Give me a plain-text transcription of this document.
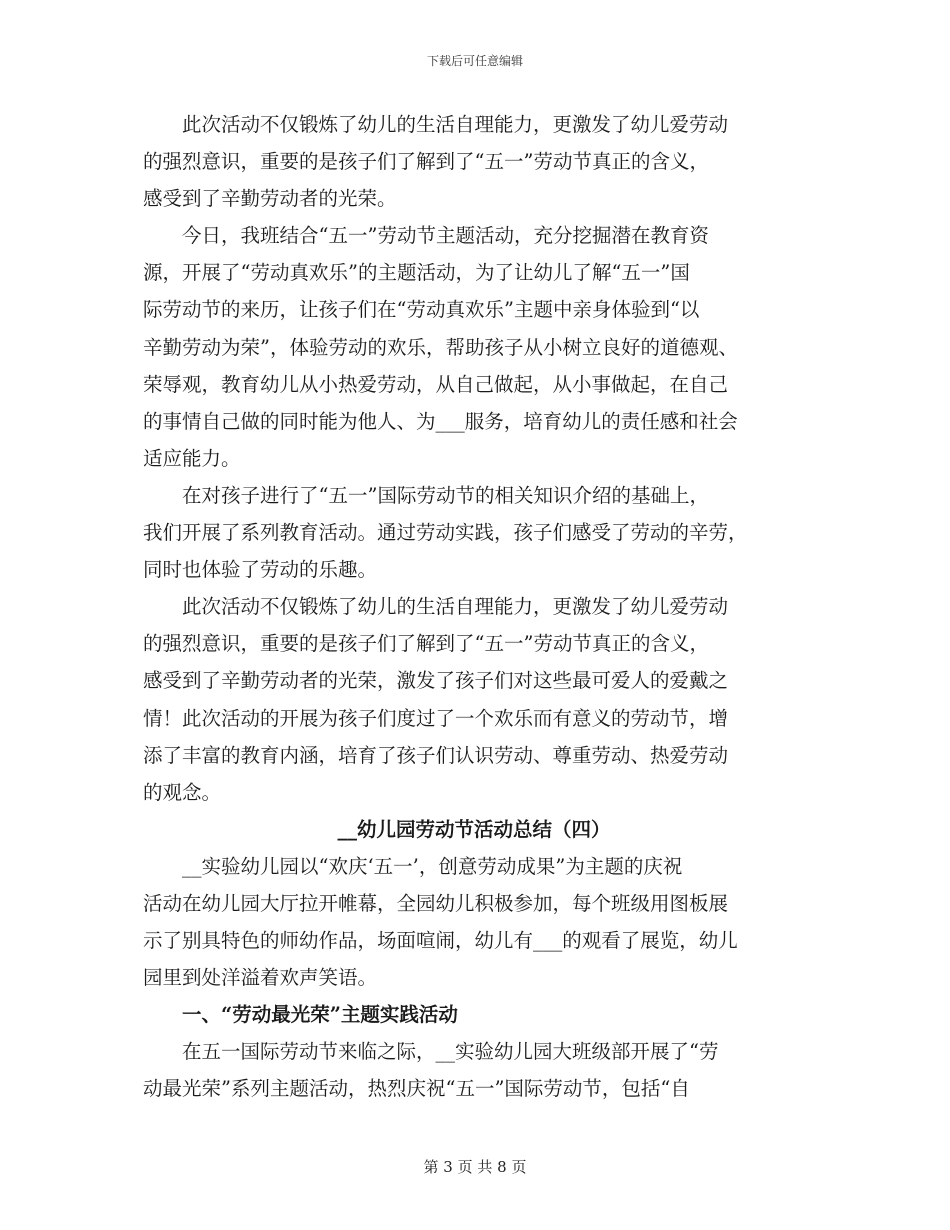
下载后可任意编辑

此次活动不仅锻炼了幼儿的生活自理能力，更激发了幼儿爱劳动
的强烈意识，重要的是孩子们了解到了“五一”劳动节真正的含义，
感受到了辛勤劳动者的光荣。

今日，我班结合“五一”劳动节主题活动，充分挖掘潜在教育资
源，开展了“劳动真欢乐”的主题活动，为了让幼儿了解“五一”国
际劳动节的来历，让孩子们在“劳动真欢乐”主题中亲身体验到“以
辛勤劳动为荣”，体验劳动的欢乐，帮助孩子从小树立良好的道德观、
荣辱观，教育幼儿从小热爱劳动，从自己做起，从小事做起，在自己
的事情自己做的同时能为他人、为___服务，培育幼儿的责任感和社会
适应能力。

在对孩子进行了“五一”国际劳动节的相关知识介绍的基础上，
我们开展了系列教育活动。通过劳动实践，孩子们感受了劳动的辛劳，
同时也体验了劳动的乐趣。

此次活动不仅锻炼了幼儿的生活自理能力，更激发了幼儿爱劳动
的强烈意识，重要的是孩子们了解到了“五一”劳动节真正的含义，
感受到了辛勤劳动者的光荣，激发了孩子们对这些最可爱人的爱戴之
情！此次活动的开展为孩子们度过了一个欢乐而有意义的劳动节，增
添了丰富的教育内涵，培育了孩子们认识劳动、尊重劳动、热爱劳动
的观念。

__幼儿园劳动节活动总结（四）

__实验幼儿园以“欢庆‘五一’，创意劳动成果”为主题的庆祝
活动在幼儿园大厅拉开帷幕，全园幼儿积极参加，每个班级用图板展
示了别具特色的师幼作品，场面喧闹，幼儿有___的观看了展览，幼儿
园里到处洋溢着欢声笑语。

一、“劳动最光荣”主题实践活动

在五一国际劳动节来临之际，__实验幼儿园大班级部开展了“劳
动最光荣”系列主题活动，热烈庆祝“五一”国际劳动节，包括“自

第 3 页 共 8 页
